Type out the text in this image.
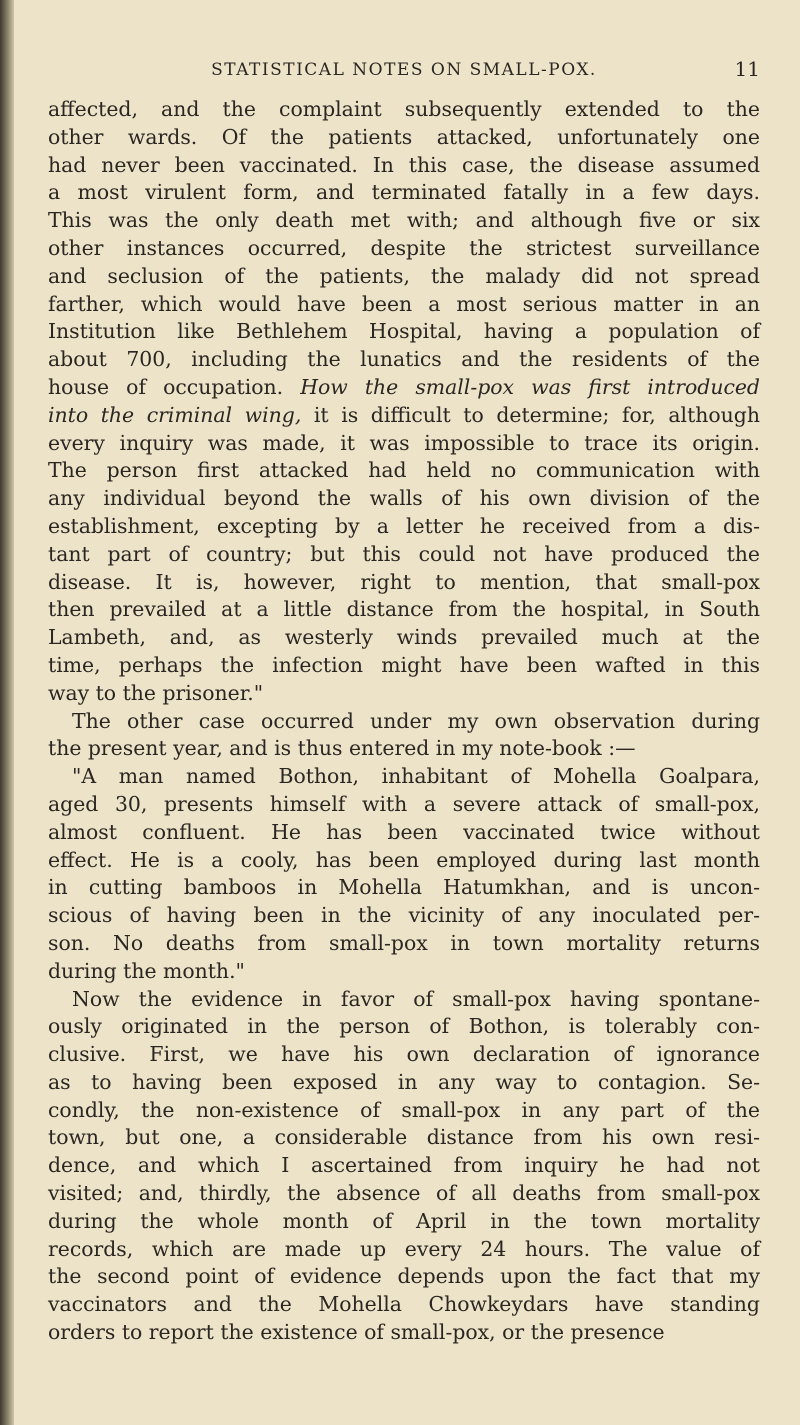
STATISTICAL NOTES ON SMALL-POX.	11

affected, and the complaint subsequently extended to the
other wards. Of the patients attacked, unfortunately one
had never been vaccinated. In this case, the disease assumed
a most virulent form, and terminated fatally in a few days.
This was the only death met with; and although five or six
other instances occurred, despite the strictest surveillance
and seclusion of the patients, the malady did not spread
farther, which would have been a most serious matter in an
Institution like Bethlehem Hospital, having a population of
about 700, including the lunatics and the residents of the
house of occupation. How the small-pox was first introduced
into the criminal wing, it is difficult to determine; for, although
every inquiry was made, it was impossible to trace its origin.
The person first attacked had held no communication with
any individual beyond the walls of his own division of the
establishment, excepting by a letter he received from a dis-
tant part of country; but this could not have produced the
disease. It is, however, right to mention, that small-pox
then prevailed at a little distance from the hospital, in South
Lambeth, and, as westerly winds prevailed much at the
time, perhaps the infection might have been wafted in this
way to the prisoner."

The other case occurred under my own observation during
the present year, and is thus entered in my note-book :—

"A man named Bothon, inhabitant of Mohella Goalpara,
aged 30, presents himself with a severe attack of small-pox,
almost confluent. He has been vaccinated twice without
effect. He is a cooly, has been employed during last month
in cutting bamboos in Mohella Hatumkhan, and is uncon-
scious of having been in the vicinity of any inoculated per-
son. No deaths from small-pox in town mortality returns
during the month."

Now the evidence in favor of small-pox having spontane-
ously originated in the person of Bothon, is tolerably con-
clusive. First, we have his own declaration of ignorance
as to having been exposed in any way to contagion. Se-
condly, the non-existence of small-pox in any part of the
town, but one, a considerable distance from his own resi-
dence, and which I ascertained from inquiry he had not
visited; and, thirdly, the absence of all deaths from small-pox
during the whole month of April in the town mortality
records, which are made up every 24 hours. The value of
the second point of evidence depends upon the fact that my
vaccinators and the Mohella Chowkeydars have standing
orders to report the existence of small-pox, or the presence
